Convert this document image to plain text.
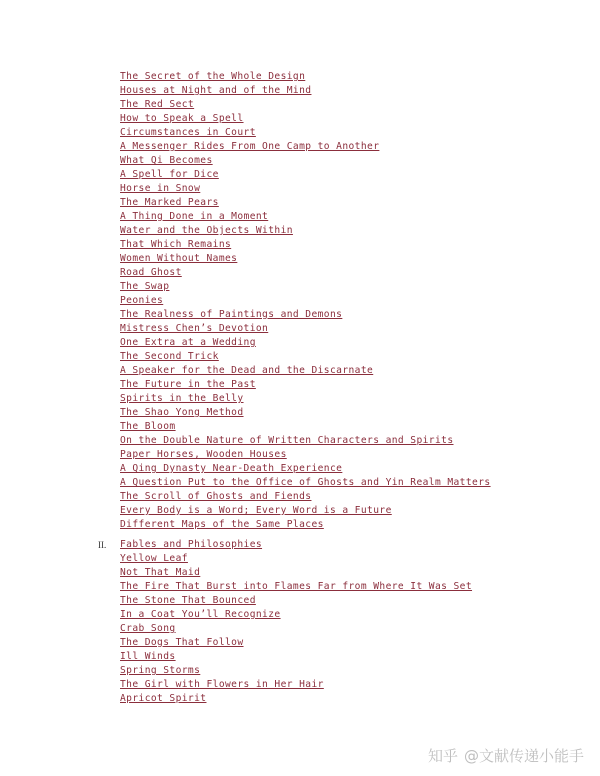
The Secret of the Whole Design
Houses at Night and of the Mind
The Red Sect
How to Speak a Spell
Circumstances in Court
A Messenger Rides From One Camp to Another
What Qi Becomes
A Spell for Dice
Horse in Snow
The Marked Pears
A Thing Done in a Moment
Water and the Objects Within
That Which Remains
Women Without Names
Road Ghost
The Swap
Peonies
The Realness of Paintings and Demons
Mistress Chen’s Devotion
One Extra at a Wedding
The Second Trick
A Speaker for the Dead and the Discarnate
The Future in the Past
Spirits in the Belly
The Shao Yong Method
The Bloom
On the Double Nature of Written Characters and Spirits
Paper Horses, Wooden Houses
A Qing Dynasty Near-Death Experience
A Question Put to the Office of Ghosts and Yin Realm Matters
The Scroll of Ghosts and Fiends
Every Body is a Word; Every Word is a Future
Different Maps of the Same Places
II. Fables and Philosophies
Yellow Leaf
Not That Maid
The Fire That Burst into Flames Far from Where It Was Set
The Stone That Bounced
In a Coat You’ll Recognize
Crab Song
The Dogs That Follow
Ill Winds
Spring Storms
The Girl with Flowers in Her Hair
Apricot Spirit
知乎 @文献传递小能手
